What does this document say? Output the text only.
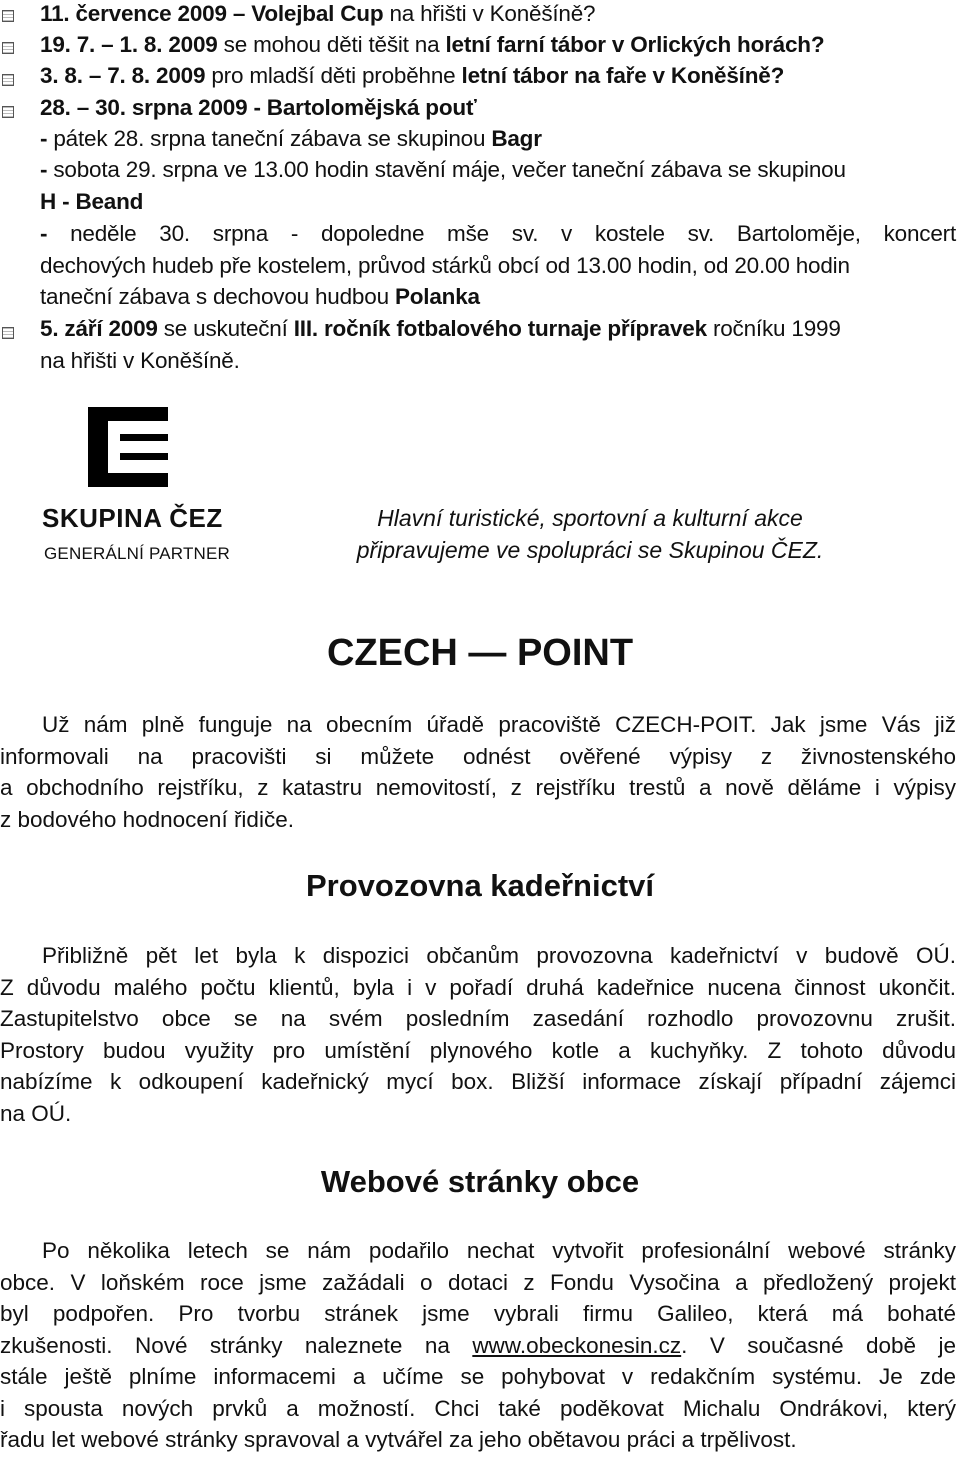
11. července 2009 – Volejbal Cup na hřišti v Koněšíně?
19. 7. – 1. 8. 2009 se mohou děti těšit na letní farní tábor v Orlických horách?
3. 8. – 7. 8. 2009 pro mladší děti proběhne letní tábor na faře v Koněšíně?
28. – 30. srpna 2009 - Bartolomějská pouť
- pátek 28. srpna taneční zábava se skupinou Bagr
- sobota 29. srpna ve 13.00 hodin stavění máje, večer taneční zábava se skupinou
H - Beand
- neděle 30. srpna - dopoledne mše sv. v kostele sv. Bartoloměje, koncert
dechových hudeb pře kostelem, průvod stárků obcí od 13.00 hodin, od 20.00 hodin
taneční zábava s dechovou hudbou Polanka
5. září 2009 se uskuteční III. ročník fotbalového turnaje přípravek ročníku 1999
na hřišti v Koněšíně.
SKUPINA ČEZ
GENERÁLNÍ PARTNER
Hlavní turistické, sportovní a kulturní akce
připravujeme ve spolupráci se Skupinou ČEZ.
CZECH — POINT
Už nám plně funguje na obecním úřadě pracoviště CZECH-POIT. Jak jsme Vás již
informovali na pracovišti si můžete odnést ověřené výpisy z živnostenského
a obchodního rejstříku, z katastru nemovitostí, z rejstříku trestů a nově děláme i výpisy
z bodového hodnocení řidiče.
Provozovna kadeřnictví
Přibližně pět let byla k dispozici občanům provozovna kadeřnictví v budově OÚ.
Z důvodu malého počtu klientů, byla i v pořadí druhá kadeřnice nucena činnost ukončit.
Zastupitelstvo obce se na svém posledním zasedání rozhodlo provozovnu zrušit.
Prostory budou využity pro umístění plynového kotle a kuchyňky. Z tohoto důvodu
nabízíme k odkoupení kadeřnický mycí box. Bližší informace získají případní zájemci
na OÚ.
Webové stránky obce
Po několika letech se nám podařilo nechat vytvořit profesionální webové stránky
obce. V loňském roce jsme zažádali o dotaci z Fondu Vysočina a předložený projekt
byl podpořen. Pro tvorbu stránek jsme vybrali firmu Galileo, která má bohaté
zkušenosti. Nové stránky naleznete na www.obeckonesin.cz. V současné době je
stále ještě plníme informacemi a učíme se pohybovat v redakčním systému. Je zde
i spousta nových prvků a možností. Chci také poděkovat Michalu Ondrákovi, který
řadu let webové stránky spravoval a vytvářel za jeho obětavou práci a trpělivost.
